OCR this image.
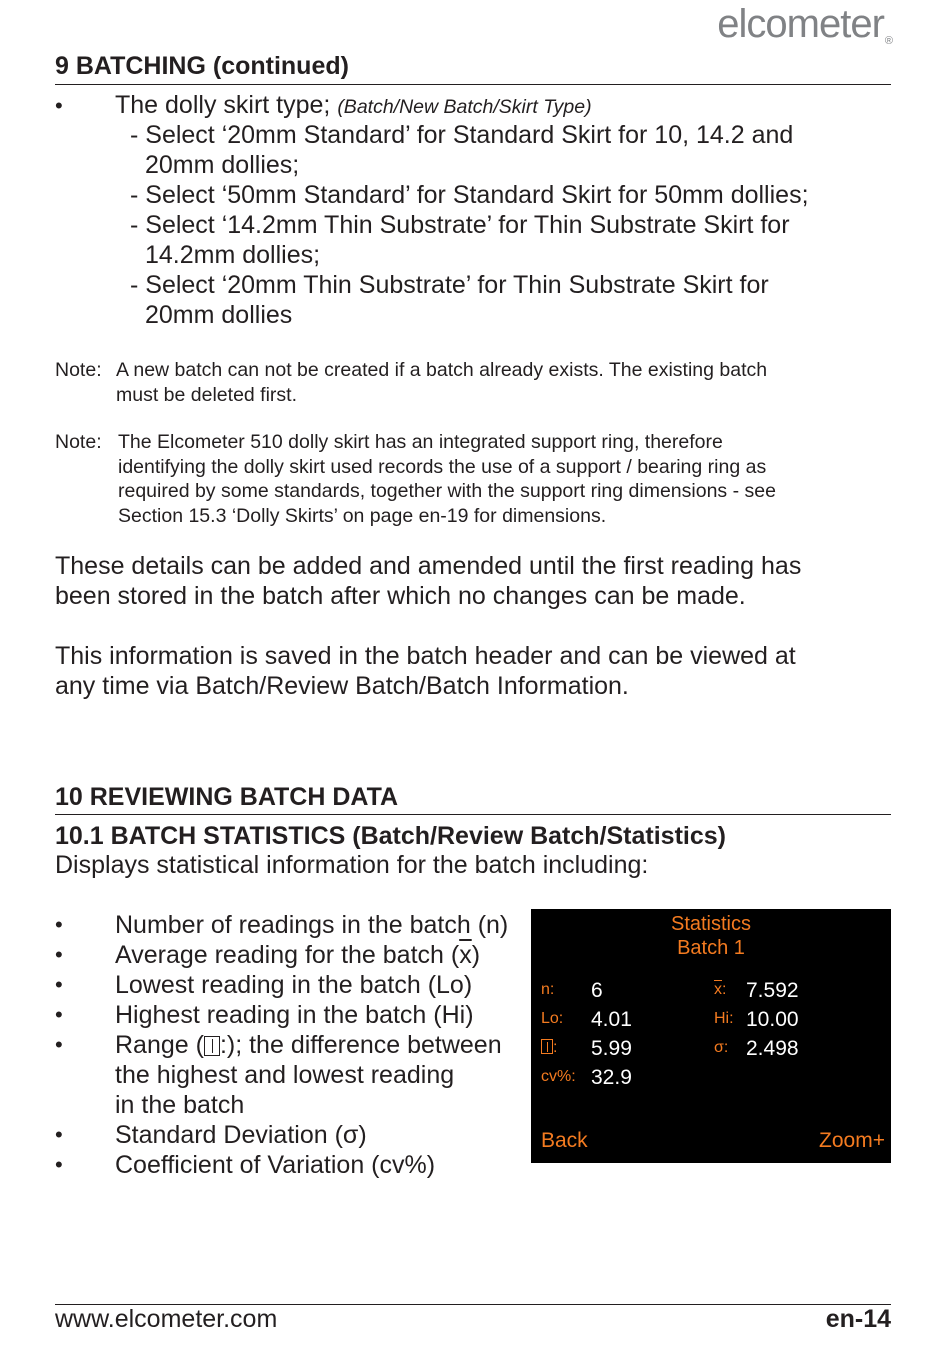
elcometer®
9 BATCHING (continued)
• The dolly skirt type; (Batch/New Batch/Skirt Type)
- Select ‘20mm Standard’ for Standard Skirt for 10, 14.2 and
20mm dollies;
- Select ‘50mm Standard’ for Standard Skirt for 50mm dollies;
- Select ‘14.2mm Thin Substrate’ for Thin Substrate Skirt for
14.2mm dollies;
- Select ‘20mm Thin Substrate’ for Thin Substrate Skirt for
20mm dollies
Note: A new batch can not be created if a batch already exists. The existing batch
must be deleted first.
Note: The Elcometer 510 dolly skirt has an integrated support ring, therefore
identifying the dolly skirt used records the use of a support / bearing ring as
required by some standards, together with the support ring dimensions - see
Section 15.3 ‘Dolly Skirts’ on page en-19 for dimensions.
These details can be added and amended until the first reading has
been stored in the batch after which no changes can be made.
This information is saved in the batch header and can be viewed at
any time via Batch/Review Batch/Batch Information.
10 REVIEWING BATCH DATA
10.1 BATCH STATISTICS (Batch/Review Batch/Statistics)
Displays statistical information for the batch including:
• Number of readings in the batch (n)
• Average reading for the batch $(\overline{x})$
• Lowest reading in the batch (Lo)
• Highest reading in the batch (Hi)
• Range ( :); the difference between
the highest and lowest reading
in the batch
• Standard Deviation (σ)
• Coefficient of Variation (cv%)
Statistics
Batch 1
n: 6
Lo: 4.01
: 5.99
cv%: 32.9
$\overline{x}$: 7.592
Hi: 10.00
σ: 2.498
Back	Zoom+
www.elcometer.com	en-14
